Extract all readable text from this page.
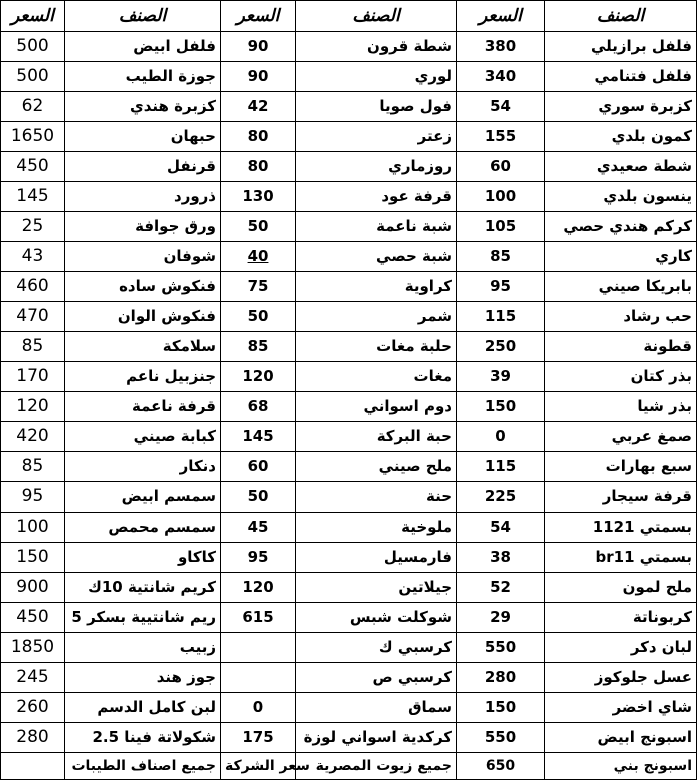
السعر	الصنف	السعر	الصنف	السعر	الصنف
500	فلفل ابيض	90	شطة قرون	380	فلفل برازيلي
500	جوزة الطيب	90	لوري	340	فلفل فتنامي
62	كزبرة هندي	42	فول صويا	54	كزبرة سوري
1650	حبهان	80	زعتر	155	كمون بلدي
450	قرنفل	80	روزماري	60	شطة صعيدي
145	ذرورد	130	قرفة عود	100	ينسون بلدي
25	ورق جوافة	50	شبة ناعمة	105	كركم هندي حصي
43	شوفان	40	شبة حصي	85	كاري
460	فنكوش ساده	75	كراوية	95	بابريكا صيني
470	فنكوش الوان	50	شمر	115	حب رشاد
85	سلامكة	85	حلبة مغات	250	قطونة
170	جنزبيل ناعم	120	مغات	39	بذر كتان
120	قرفة ناعمة	68	دوم اسواني	150	بذر شيا
420	كبابة صيني	145	حبة البركة	0	صمغ عربي
85	دنكار	60	ملح صيني	115	سبع بهارات
95	سمسم ابيض	50	حنة	225	قرفة سيجار
100	سمسم محمص	45	ملوخية	54	بسمتي 1121
150	كاكاو	95	فارمسيل	38	بسمتي br11
900	كريم شانتية 10ك	120	جيلاتين	52	ملح لمون
450	ريم شانتيية بسكر 5	615	شوكلت شبس	29	كربوناتة
1850	زبيب		كرسبي ك	550	لبان دكر
245	جوز هند		كرسبي ص	280	عسل جلوكوز
260	لبن كامل الدسم	0	سماق	150	شاي اخضر
280	شكولاتة فينا 2.5	175	كركدية اسواني لوزة	550	اسبونج ابيض
	جميع اصناف الطيبات	سعر الشركة	جميع زيوت المصرية	650	اسبونج بني
